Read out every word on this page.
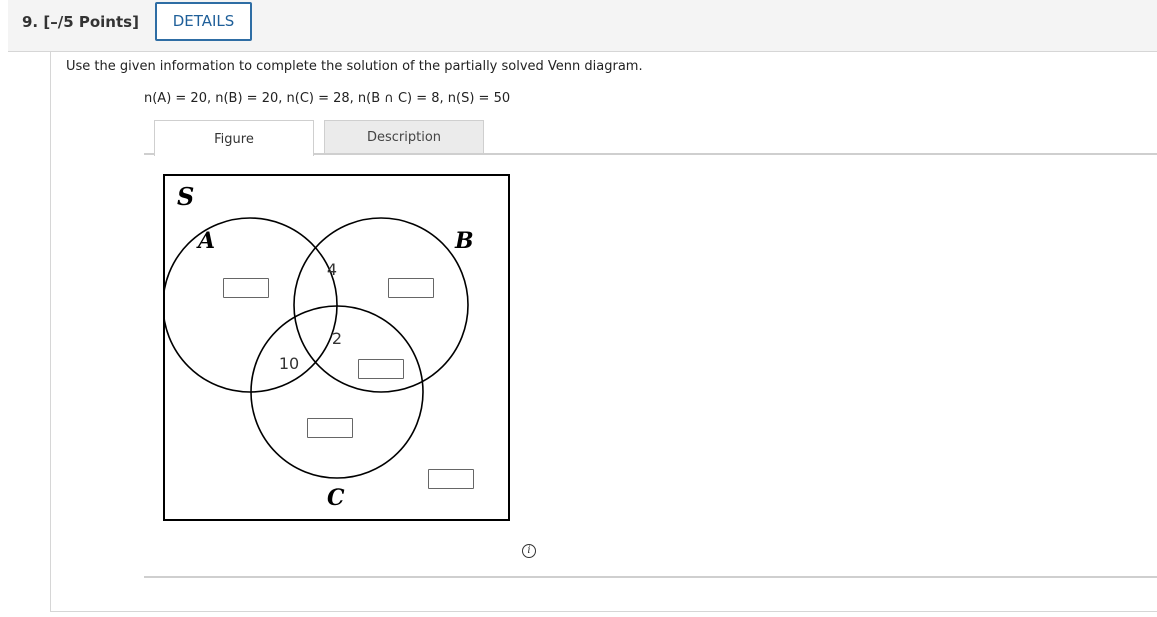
9. [–/5 Points]	DETAILS
Use the given information to complete the solution of the partially solved Venn diagram.
n(A) = 20, n(B) = 20, n(C) = 28, n(B ∩ C) = 8, n(S) = 50
Figure	Description
S
A	B
C
4
2
10
i
